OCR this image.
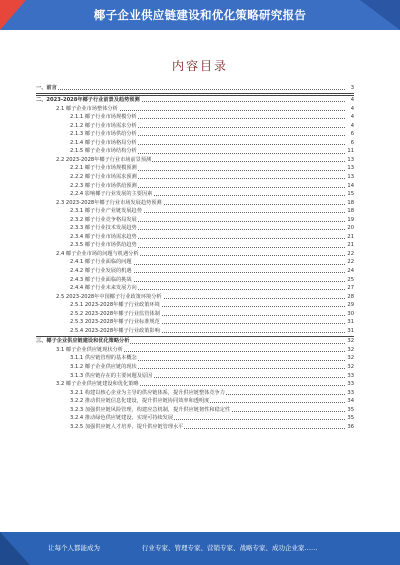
椰子企业供应链建设和优化策略研究报告
内容目录
一、前言	3
二、2023-2028年椰子行业前景及趋势预测	4
2.1 椰子企业市场整体分析	4
2.1.1 椰子行业市场规模分析	4
2.1.2 椰子行业市场需求分析	4
2.1.3 椰子行业市场供给分析	6
2.1.4 椰子行业市场格局分析	6
2.1.5 椰子企业市场结构分析	11
2.2 2023-2028年椰子行业市场前景预测	13
2.2.1 椰子行业市场规模预测	13
2.2.2 椰子行业市场需求预测	13
2.2.3 椰子行业市场供给预测	14
2.2.4 影响椰子行业发展的主要因素	15
2.3 2023-2028年椰子行业市场发展趋势预测	18
2.3.1 椰子行业产业链发展趋势	18
2.3.2 椰子行业竞争格局发展	19
2.3.3 椰子行业技术发展趋势	20
2.3.4 椰子行业市场需求趋势	21
2.3.5 椰子行业市场供给趋势	21
2.4 椰子企业市场的问题与机遇分析	22
2.4.1 椰子行业面临的问题	22
2.4.2 椰子行业发展的机遇	24
2.4.3 椰子行业面临的挑战	25
2.4.4 椰子行业未来发展方向	27
2.5 2023-2028年中国椰子行业政策环境分析	28
2.5.1 2023-2028年椰子行业政策环境	29
2.5.2 2023-2028年椰子行业监管体制	30
2.5.3 2023-2028年椰子行业标准规范	31
2.5.4 2023-2028年椰子行业政策影响	31
三、椰子企业供应链建设和优化策略分析	32
3.1 椰子企业供应链现状分析	32
3.1.1 供应链管理的基本概念	32
3.1.2 椰子企业供应链的现状	32
3.1.3 供应链存在的主要问题及原因	33
3.2 椰子企业供应链建设和优化策略	33
3.2.1 构建以核心企业为主导的供应链体系，提升供应链整体竞争力	33
3.2.2 推动供应链信息化建设，提升供应链协同效率和透明度	34
3.2.3 加强供应链风险管理，构建应急机制，提升供应链韧性和稳定性	35
3.2.4 推动绿色供应链建设，实现可持续发展	35
3.2.5 加强供应链人才培养，提升供应链管理水平	36
让每个人都能成为	行业专家、管理专家、营销专家、战略专家、成功企业家……
